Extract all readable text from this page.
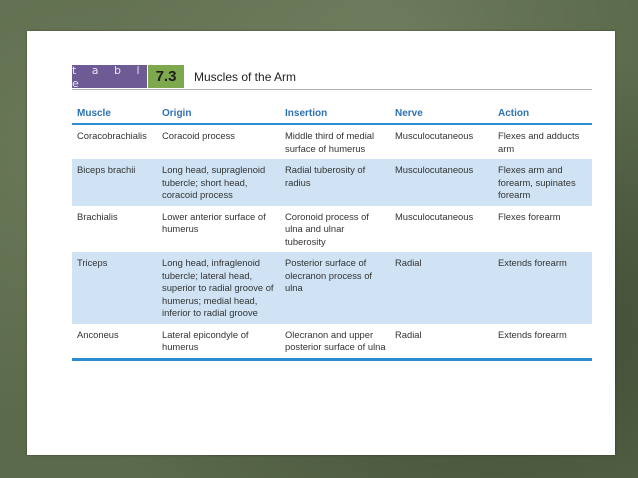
t a b l e	7.3	Muscles of the Arm
Muscle	Origin	Insertion	Nerve	Action
Coracobrachialis	Coracoid process	Middle third of medial surface of humerus	Musculocutaneous	Flexes and adducts arm
Biceps brachii	Long head, supraglenoid tubercle; short head, coracoid process	Radial tuberosity of radius	Musculocutaneous	Flexes arm and forearm, supinates forearm
Brachialis	Lower anterior surface of humerus	Coronoid process of ulna and ulnar tuberosity	Musculocutaneous	Flexes forearm
Triceps	Long head, infraglenoid tubercle; lateral head, superior to radial groove of humerus; medial head, inferior to radial groove	Posterior surface of olecranon process of ulna	Radial	Extends forearm
Anconeus	Lateral epicondyle of humerus	Olecranon and upper posterior surface of ulna	Radial	Extends forearm
